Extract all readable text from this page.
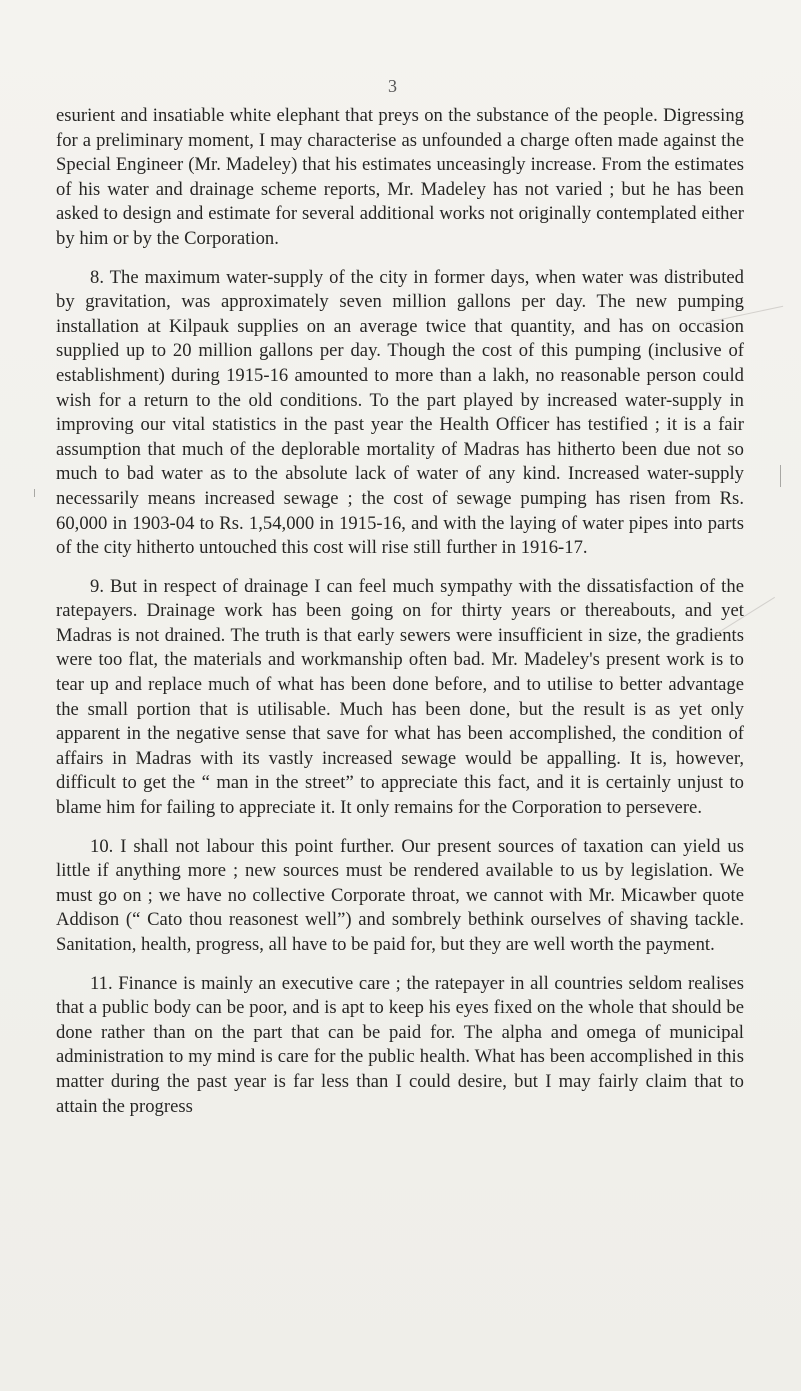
3

esurient and insatiable white elephant that preys on the substance of the people. Digressing for a preliminary moment, I may characterise as unfounded a charge often made against the Special Engineer (Mr. Madeley) that his estimates unceasingly increase. From the estimates of his water and drainage scheme reports, Mr. Madeley has not varied ; but he has been asked to design and estimate for several additional works not originally contemplated either by him or by the Corporation.

8. The maximum water-supply of the city in former days, when water was distributed by gravitation, was approximately seven million gallons per day. The new pumping installation at Kilpauk supplies on an average twice that quantity, and has on occasion supplied up to 20 million gallons per day. Though the cost of this pumping (inclusive of establishment) during 1915-16 amounted to more than a lakh, no reasonable person could wish for a return to the old conditions. To the part played by increased water-supply in improving our vital statistics in the past year the Health Officer has testified ; it is a fair assumption that much of the deplorable mortality of Madras has hitherto been due not so much to bad water as to the absolute lack of water of any kind. Increased water-supply necessarily means increased sewage ; the cost of sewage pumping has risen from Rs. 60,000 in 1903-04 to Rs. 1,54,000 in 1915-16, and with the laying of water pipes into parts of the city hitherto untouched this cost will rise still further in 1916-17.

9. But in respect of drainage I can feel much sympathy with the dissatisfaction of the ratepayers. Drainage work has been going on for thirty years or thereabouts, and yet Madras is not drained. The truth is that early sewers were insufficient in size, the gradients were too flat, the materials and workmanship often bad. Mr. Madeley's present work is to tear up and replace much of what has been done before, and to utilise to better advantage the small portion that is utilisable. Much has been done, but the result is as yet only apparent in the negative sense that save for what has been accomplished, the condition of affairs in Madras with its vastly increased sewage would be appalling. It is, however, difficult to get the “ man in the street” to appreciate this fact, and it is certainly unjust to blame him for failing to appreciate it. It only remains for the Corporation to persevere.

10. I shall not labour this point further. Our present sources of taxation can yield us little if anything more ; new sources must be rendered available to us by legislation. We must go on ; we have no collective Corporate throat, we cannot with Mr. Micawber quote Addison (“ Cato thou reasonest well”) and sombrely bethink ourselves of shaving tackle. Sanitation, health, progress, all have to be paid for, but they are well worth the payment.

11. Finance is mainly an executive care ; the ratepayer in all countries seldom realises that a public body can be poor, and is apt to keep his eyes fixed on the whole that should be done rather than on the part that can be paid for. The alpha and omega of municipal administration to my mind is care for the public health. What has been accomplished in this matter during the past year is far less than I could desire, but I may fairly claim that to attain the progress
